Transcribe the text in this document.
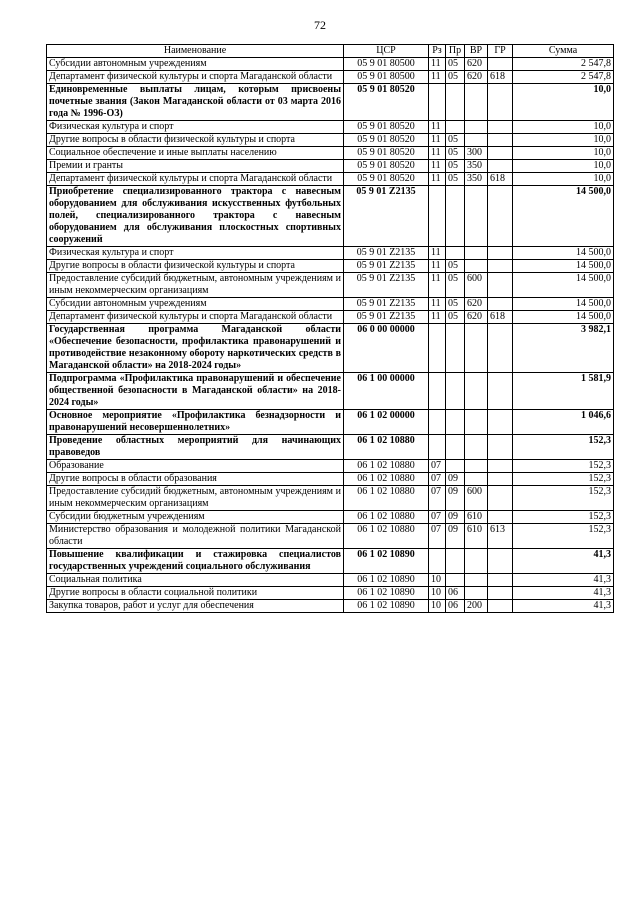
72
Наименование	ЦСР	Рз	Пр	ВР	ГР	Сумма
Субсидии автономным учреждениям	05 9 01 80500	11	05	620		2 547,8
Департамент физической культуры и спорта Магаданской области	05 9 01 80500	11	05	620	618	2 547,8
Единовременные выплаты лицам, которым присвоены почетные звания (Закон Магаданской области от 03 марта 2016 года № 1996-ОЗ)	05 9 01 80520					10,0
Физическая культура и спорт	05 9 01 80520	11				10,0
Другие вопросы в области физической культуры и спорта	05 9 01 80520	11	05			10,0
Социальное обеспечение и иные выплаты населению	05 9 01 80520	11	05	300		10,0
Премии и гранты	05 9 01 80520	11	05	350		10,0
Департамент физической культуры и спорта Магаданской области	05 9 01 80520	11	05	350	618	10,0
Приобретение специализированного трактора с навесным оборудованием для обслуживания искусственных футбольных полей, специализированного трактора с навесным оборудованием для обслуживания плоскостных спортивных сооружений	05 9 01 Z2135					14 500,0
Физическая культура и спорт	05 9 01 Z2135	11				14 500,0
Другие вопросы в области физической культуры и спорта	05 9 01 Z2135	11	05			14 500,0
Предоставление субсидий бюджетным, автономным учреждениям и иным некоммерческим организациям	05 9 01 Z2135	11	05	600		14 500,0
Субсидии автономным учреждениям	05 9 01 Z2135	11	05	620		14 500,0
Департамент физической культуры и спорта Магаданской области	05 9 01 Z2135	11	05	620	618	14 500,0
Государственная программа Магаданской области «Обеспечение безопасности, профилактика правонарушений и противодействие незаконному обороту наркотических средств в Магаданской области» на 2018-2024 годы»	06 0 00 00000					3 982,1
Подпрограмма «Профилактика правонарушений и обеспечение общественной безопасности в Магаданской области» на 2018-2024 годы»	06 1 00 00000					1 581,9
Основное мероприятие «Профилактика безнадзорности и правонарушений несовершеннолетних»	06 1 02 00000					1 046,6
Проведение областных мероприятий для начинающих правоведов	06 1 02 10880					152,3
Образование	06 1 02 10880	07				152,3
Другие вопросы в области образования	06 1 02 10880	07	09			152,3
Предоставление субсидий бюджетным, автономным учреждениям и иным некоммерческим организациям	06 1 02 10880	07	09	600		152,3
Субсидии бюджетным учреждениям	06 1 02 10880	07	09	610		152,3
Министерство образования и молодежной политики Магаданской области	06 1 02 10880	07	09	610	613	152,3
Повышение квалификации и стажировка специалистов государственных учреждений социального обслуживания	06 1 02 10890					41,3
Социальная политика	06 1 02 10890	10				41,3
Другие вопросы в области социальной политики	06 1 02 10890	10	06			41,3
Закупка товаров, работ и услуг для обеспечения	06 1 02 10890	10	06	200		41,3
